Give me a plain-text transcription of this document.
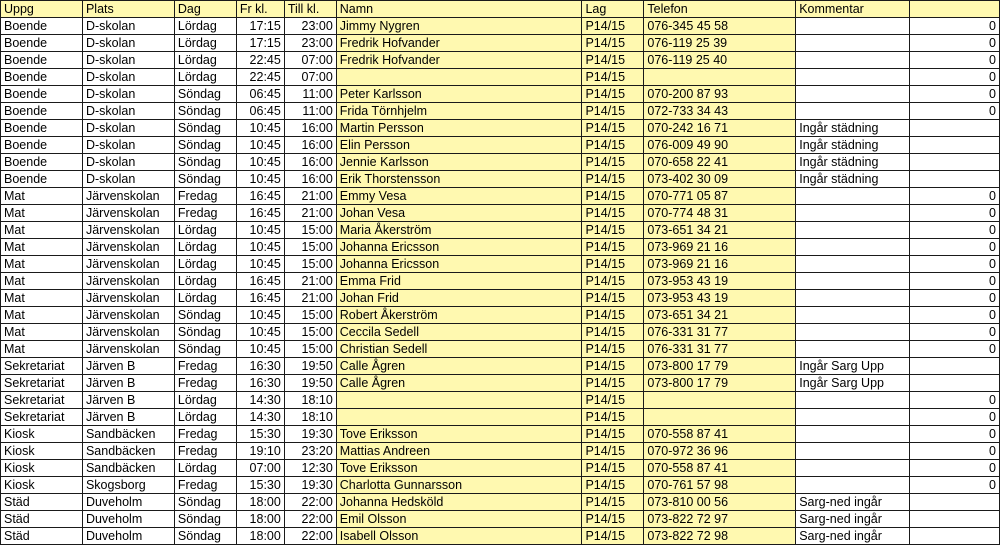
Uppg	Plats	Dag	Fr kl.	Till kl.	Namn	Lag	Telefon	Kommentar	
Boende	D-skolan	Lördag	17:15	23:00	Jimmy Nygren	P14/15	076-345 45 58		0
Boende	D-skolan	Lördag	17:15	23:00	Fredrik Hofvander	P14/15	076-119 25 39		0
Boende	D-skolan	Lördag	22:45	07:00	Fredrik Hofvander	P14/15	076-119 25 40		0
Boende	D-skolan	Lördag	22:45	07:00		P14/15			0
Boende	D-skolan	Söndag	06:45	11:00	Peter Karlsson	P14/15	070-200 87 93		0
Boende	D-skolan	Söndag	06:45	11:00	Frida Törnhjelm	P14/15	072-733 34 43		0
Boende	D-skolan	Söndag	10:45	16:00	Martin Persson	P14/15	070-242 16 71	Ingår städning	
Boende	D-skolan	Söndag	10:45	16:00	Elin Persson	P14/15	076-009 49 90	Ingår städning	
Boende	D-skolan	Söndag	10:45	16:00	Jennie Karlsson	P14/15	070-658 22 41	Ingår städning	
Boende	D-skolan	Söndag	10:45	16:00	Erik Thorstensson	P14/15	073-402 30 09	Ingår städning	
Mat	Järvenskolan	Fredag	16:45	21:00	Emmy Vesa	P14/15	070-771 05 87		0
Mat	Järvenskolan	Fredag	16:45	21:00	Johan Vesa	P14/15	070-774 48 31		0
Mat	Järvenskolan	Lördag	10:45	15:00	Maria Åkerström	P14/15	073-651 34 21		0
Mat	Järvenskolan	Lördag	10:45	15:00	Johanna Ericsson	P14/15	073-969 21 16		0
Mat	Järvenskolan	Lördag	10:45	15:00	Johanna Ericsson	P14/15	073-969 21 16		0
Mat	Järvenskolan	Lördag	16:45	21:00	Emma Frid	P14/15	073-953 43 19		0
Mat	Järvenskolan	Lördag	16:45	21:00	Johan Frid	P14/15	073-953 43 19		0
Mat	Järvenskolan	Söndag	10:45	15:00	Robert Åkerström	P14/15	073-651 34 21		0
Mat	Järvenskolan	Söndag	10:45	15:00	Ceccila Sedell	P14/15	076-331 31 77		0
Mat	Järvenskolan	Söndag	10:45	15:00	Christian Sedell	P14/15	076-331 31 77		0
Sekretariat	Järven B	Fredag	16:30	19:50	Calle Ågren	P14/15	073-800 17 79	Ingår Sarg Upp	
Sekretariat	Järven B	Fredag	16:30	19:50	Calle Ågren	P14/15	073-800 17 79	Ingår Sarg Upp	
Sekretariat	Järven B	Lördag	14:30	18:10		P14/15			0
Sekretariat	Järven B	Lördag	14:30	18:10		P14/15			0
Kiosk	Sandbäcken	Fredag	15:30	19:30	Tove Eriksson	P14/15	070-558 87 41		0
Kiosk	Sandbäcken	Fredag	19:10	23:20	Mattias Andreen	P14/15	070-972 36 96		0
Kiosk	Sandbäcken	Lördag	07:00	12:30	Tove Eriksson	P14/15	070-558 87 41		0
Kiosk	Skogsborg	Fredag	15:30	19:30	Charlotta Gunnarsson	P14/15	070-761 57 98		0
Städ	Duveholm	Söndag	18:00	22:00	Johanna Hedsköld	P14/15	073-810 00 56	Sarg-ned ingår	
Städ	Duveholm	Söndag	18:00	22:00	Emil Olsson	P14/15	073-822 72 97	Sarg-ned ingår	
Städ	Duveholm	Söndag	18:00	22:00	Isabell Olsson	P14/15	073-822 72 98	Sarg-ned ingår	
